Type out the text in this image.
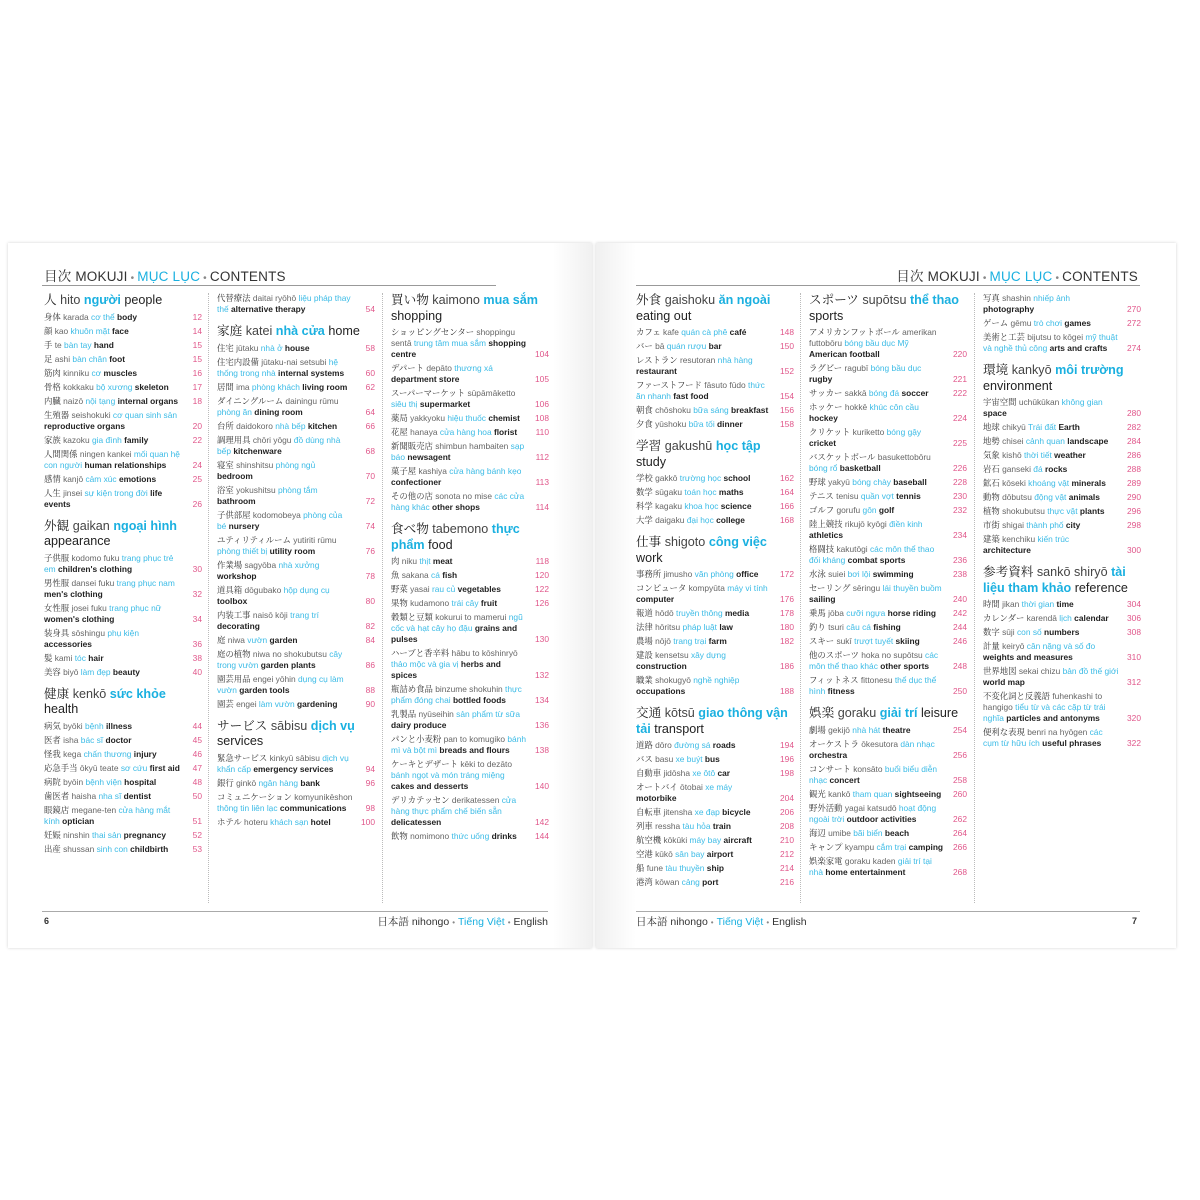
目次 MOKUJI • MỤC LỤC • CONTENTS
人 hito người people
身体 karada cơ thể body	12
顔 kao khuôn mặt face	14
手 te bàn tay hand	15
足 ashi bàn chân foot	15
筋肉 kinniku cơ muscles	16
骨格 kokkaku bộ xương skeleton	17
内臓 naizō nội tạng internal organs	18
生殖器 seishokuki cơ quan sinh sản reproductive organs	20
家族 kazoku gia đình family	22
人間関係 ningen kankei mối quan hệ con người human relationships	24
感情 kanjō cảm xúc emotions	25
人生 jinsei sự kiện trong đời life events	26
外観 gaikan ngoại hình appearance
子供服 kodomo fuku trang phục trẻ em children's clothing	30
男性服 dansei fuku trang phục nam men's clothing	32
女性服 josei fuku trang phục nữ women's clothing	34
装身具 sōshingu phụ kiện accessories	36
髪 kami tóc hair	38
美容 biyō làm đẹp beauty	40
健康 kenkō sức khỏe health
病気 byōki bệnh illness	44
医者 isha bác sĩ doctor	45
怪我 kega chấn thương injury	46
応急手当 ōkyū teate sơ cứu first aid	47
病院 byōin bệnh viện hospital	48
歯医者 haisha nha sĩ dentist	50
眼鏡店 megane-ten cửa hàng mắt kính optician	51
妊娠 ninshin thai sản pregnancy	52
出産 shussan sinh con childbirth	53
代替療法 daitai ryōhō liệu pháp thay thế alternative therapy	54
家庭 katei nhà cửa home
住宅 jūtaku nhà ở house	58
住宅内設備 jūtaku-nai setsubi hệ thống trong nhà internal systems	60
居間 ima phòng khách living room	62
ダイニングルーム dainingu rūmu phòng ăn dining room	64
台所 daidokoro nhà bếp kitchen	66
調理用具 chōri yōgu đồ dùng nhà bếp kitchenware	68
寝室 shinshitsu phòng ngủ bedroom	70
浴室 yokushitsu phòng tắm bathroom	72
子供部屋 kodomobeya phòng của bé nursery	74
ユティリティルーム yutiriti rūmu phòng thiết bị utility room	76
作業場 sagyōba nhà xưởng workshop	78
道具箱 dōgubako hộp dụng cụ toolbox	80
内装工事 naisō kōji trang trí decorating	82
庭 niwa vườn garden	84
庭の植物 niwa no shokubutsu cây trong vườn garden plants	86
園芸用品 engei yōhin dụng cụ làm vườn garden tools	88
園芸 engei làm vườn gardening	90
サービス sābisu dịch vụ services
緊急サービス kinkyū sābisu dịch vụ khẩn cấp emergency services	94
銀行 ginkō ngân hàng bank	96
コミュニケーション komyunikēshon thông tin liên lạc communications	98
ホテル hoteru khách sạn hotel	100
買い物 kaimono mua sắm shopping
ショッピングセンター shoppingu sentā trung tâm mua sắm shopping centre	104
デパート depāto thương xá department store	105
スーパーマーケット sūpāmāketto siêu thị supermarket	106
薬局 yakkyoku hiệu thuốc chemist	108
花屋 hanaya cửa hàng hoa florist	110
新聞販売店 shimbun hambaiten sạp báo newsagent	112
菓子屋 kashiya cửa hàng bánh kẹo confectioner	113
その他の店 sonota no mise các cửa hàng khác other shops	114
食べ物 tabemono thực phẩm food
肉 niku thịt meat	118
魚 sakana cá fish	120
野菜 yasai rau củ vegetables	122
果物 kudamono trái cây fruit	126
穀類と豆類 kokurui to mamerui ngũ cốc và hạt cây họ đậu grains and pulses	130
ハーブと香辛料 hābu to kōshinryō thảo mộc và gia vị herbs and spices	132
瓶詰め食品 binzume shokuhin thực phẩm đóng chai bottled foods	134
乳製品 nyūseihin sản phẩm từ sữa dairy produce	136
パンと小麦粉 pan to komugiko bánh mì và bột mì breads and flours	138
ケーキとデザート kēki to dezāto bánh ngọt và món tráng miệng cakes and desserts	140
デリカテッセン derikatessen cửa hàng thực phẩm chế biến sẵn delicatessen	142
飲物 nomimono thức uống drinks	144
6	日本語 nihongo • Tiếng Việt • English
目次 MOKUJI • MỤC LỤC • CONTENTS
外食 gaishoku ăn ngoài eating out
カフェ kafe quán cà phê café	148
バー bā quán rượu bar	150
レストラン resutoran nhà hàng restaurant	152
ファーストフード fāsuto fūdo thức ăn nhanh fast food	154
朝食 chōshoku bữa sáng breakfast	156
夕食 yūshoku bữa tối dinner	158
学習 gakushū học tập study
学校 gakkō trường học school	162
数学 sūgaku toán học maths	164
科学 kagaku khoa học science	166
大学 daigaku đại học college	168
仕事 shigoto công việc work
事務所 jimusho văn phòng office	172
コンピュータ kompyūta máy vi tính computer	176
報道 hōdō truyền thông media	178
法律 hōritsu pháp luật law	180
農場 nōjō trang trại farm	182
建設 kensetsu xây dựng construction	186
職業 shokugyō nghề nghiệp occupations	188
交通 kōtsū giao thông vận tải transport
道路 dōro đường sá roads	194
バス basu xe buýt bus	196
自動車 jidōsha xe ôtô car	198
オートバイ ōtobai xe máy motorbike	204
自転車 jitensha xe đạp bicycle	206
列車 ressha tàu hỏa train	208
航空機 kōkūki máy bay aircraft	210
空港 kūkō sân bay airport	212
船 fune tàu thuyền ship	214
港湾 kōwan cảng port	216
スポーツ supōtsu thể thao sports
アメリカンフットボール amerikan futtobōru bóng bầu dục Mỹ American football	220
ラグビー ragubī bóng bầu dục rugby	221
サッカー sakkā bóng đá soccer	222
ホッケー hokkē khúc côn cầu hockey	224
クリケット kuriketto bóng gậy cricket	225
バスケットボール basukettobōru bóng rổ basketball	226
野球 yakyū bóng chày baseball	228
テニス tenisu quần vợt tennis	230
ゴルフ gorufu gôn golf	232
陸上競技 rikujō kyōgi điền kinh athletics	234
格闘技 kakutōgi các môn thể thao đối kháng combat sports	236
水泳 suiei bơi lội swimming	238
セーリング sēringu lái thuyền buồm sailing	240
乗馬 jōba cưỡi ngựa horse riding	242
釣り tsuri câu cá fishing	244
スキー sukī trượt tuyết skiing	246
他のスポーツ hoka no supōtsu các môn thể thao khác other sports	248
フィットネス fittonesu thể dục thể hình fitness	250
娯楽 goraku giải trí leisure
劇場 gekijō nhà hát theatre	254
オーケストラ ōkesutora dàn nhạc orchestra	256
コンサート konsāto buổi biểu diễn nhạc concert	258
観光 kankō tham quan sightseeing	260
野外活動 yagai katsudō hoạt động ngoài trời outdoor activities	262
海辺 umibe bãi biển beach	264
キャンプ kyampu cắm trại camping	266
娯楽家電 goraku kaden giải trí tại nhà home entertainment	268
写真 shashin nhiếp ảnh photography	270
ゲーム gēmu trò chơi games	272
美術と工芸 bijutsu to kōgei mỹ thuật và nghề thủ công arts and crafts	274
環境 kankyō môi trường environment
宇宙空間 uchūkūkan không gian space	280
地球 chikyū Trái đất Earth	282
地勢 chisei cảnh quan landscape	284
気象 kishō thời tiết weather	286
岩石 ganseki đá rocks	288
鉱石 kōseki khoáng vật minerals	289
動物 dōbutsu động vật animals	290
植物 shokubutsu thực vật plants	296
市街 shigai thành phố city	298
建築 kenchiku kiến trúc architecture	300
参考資料 sankō shiryō tài liệu tham khảo reference
時間 jikan thời gian time	304
カレンダー karendā lịch calendar	306
数字 sūji con số numbers	308
計量 keiryō cân nặng và số đo weights and measures	310
世界地図 sekai chizu bản đồ thế giới world map	312
不変化詞と反義語 fuhenkashi to hangigo tiểu từ và các cặp từ trái nghĩa particles and antonyms	320
便利な表現 benri na hyōgen các cụm từ hữu ích useful phrases	322
日本語 nihongo • Tiếng Việt • English	7
